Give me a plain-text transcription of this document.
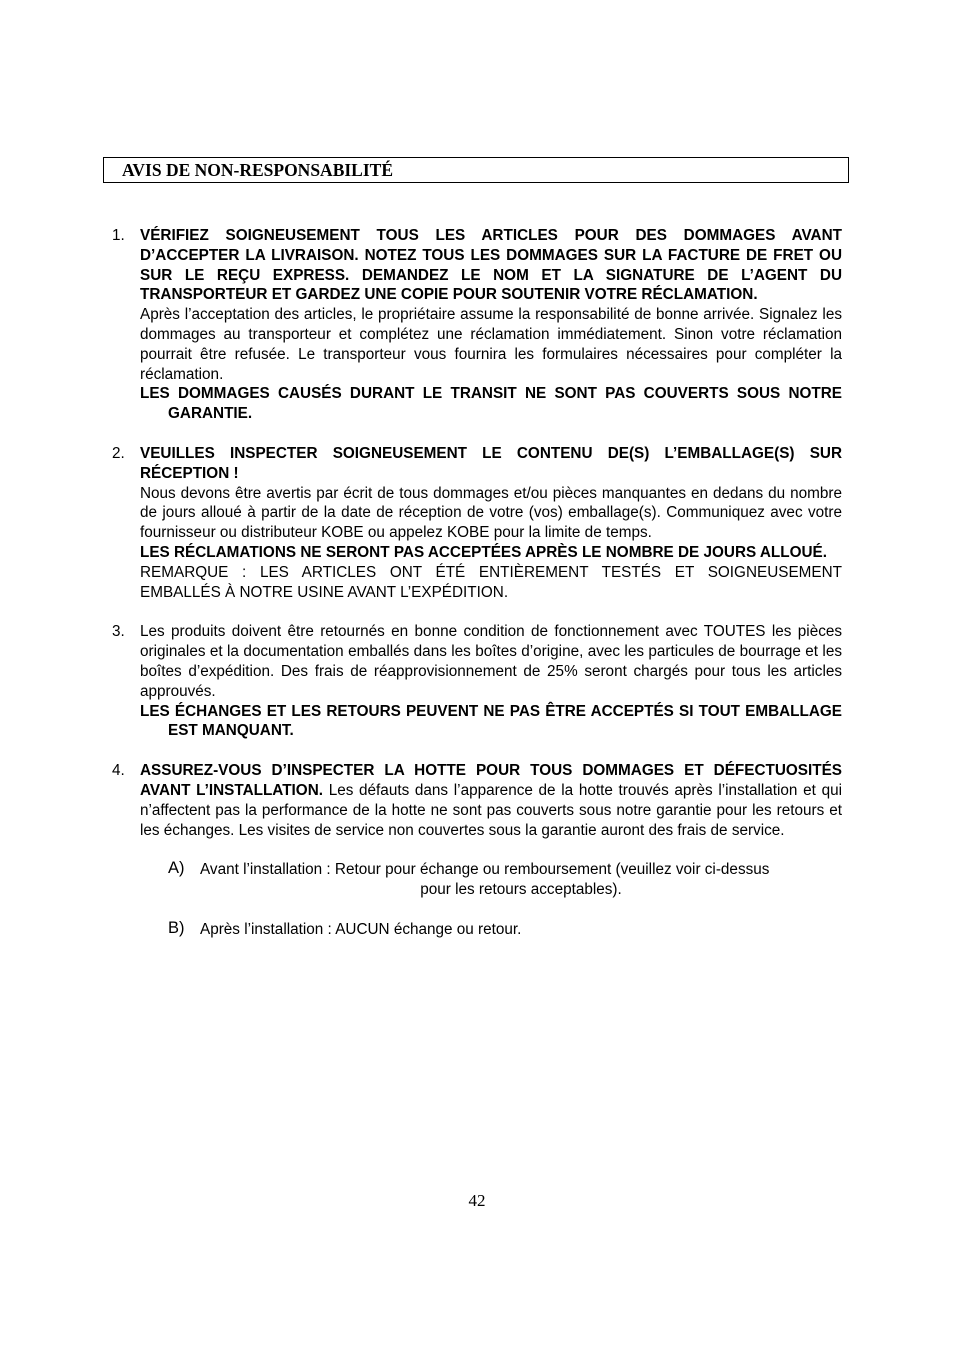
AVIS DE NON-RESPONSABILITÉ
1. VÉRIFIEZ SOIGNEUSEMENT TOUS LES ARTICLES POUR DES DOMMAGES AVANT D’ACCEPTER LA LIVRAISON. NOTEZ TOUS LES DOMMAGES SUR LA FACTURE DE FRET OU SUR LE REÇU EXPRESS. DEMANDEZ LE NOM ET LA SIGNATURE DE L’AGENT DU TRANSPORTEUR ET GARDEZ UNE COPIE POUR SOUTENIR VOTRE RÉCLAMATION.

Après l’acceptation des articles, le propriétaire assume la responsabilité de bonne arrivée. Signalez les dommages au transporteur et complétez une réclamation immédiatement. Sinon votre réclamation pourrait être refusée. Le transporteur vous fournira les formulaires nécessaires pour compléter la réclamation.

LES DOMMAGES CAUSÉS DURANT LE TRANSIT NE SONT PAS COUVERTS SOUS NOTRE GARANTIE.

2. VEUILLES INSPECTER SOIGNEUSEMENT LE CONTENU DE(S) L’EMBALLAGE(S) SUR RÉCEPTION !

Nous devons être avertis par écrit de tous dommages et/ou pièces manquantes en dedans du nombre de jours alloué à partir de la date de réception de votre (vos) emballage(s). Communiquez avec votre fournisseur ou distributeur KOBE ou appelez KOBE pour la limite de temps.

LES RÉCLAMATIONS NE SERONT PAS ACCEPTÉES APRÈS LE NOMBRE DE JOURS ALLOUÉ.

REMARQUE : LES ARTICLES ONT ÉTÉ ENTIÈREMENT TESTÉS ET SOIGNEUSEMENT EMBALLÉS À NOTRE USINE AVANT L’EXPÉDITION.

3. Les produits doivent être retournés en bonne condition de fonctionnement avec TOUTES les pièces originales et la documentation emballés dans les boîtes d’origine, avec les particules de bourrage et les boîtes d’expédition. Des frais de réapprovisionnement de 25% seront chargés pour tous les articles approuvés.

LES ÉCHANGES ET LES RETOURS PEUVENT NE PAS ÊTRE ACCEPTÉS SI TOUT EMBALLAGE EST MANQUANT.

4. ASSUREZ-VOUS D’INSPECTER LA HOTTE POUR TOUS DOMMAGES ET DÉFECTUOSITÉS AVANT L’INSTALLATION. Les défauts dans l’apparence de la hotte trouvés après l’installation et qui n’affectent pas la performance de la hotte ne sont pas couverts sous notre garantie pour les retours et les échanges. Les visites de service non couvertes sous la garantie auront des frais de service.

A) Avant l’installation : Retour pour échange ou remboursement (veuillez voir ci-dessus
pour les retours acceptables).
B) Après l’installation : AUCUN échange ou retour.
42
